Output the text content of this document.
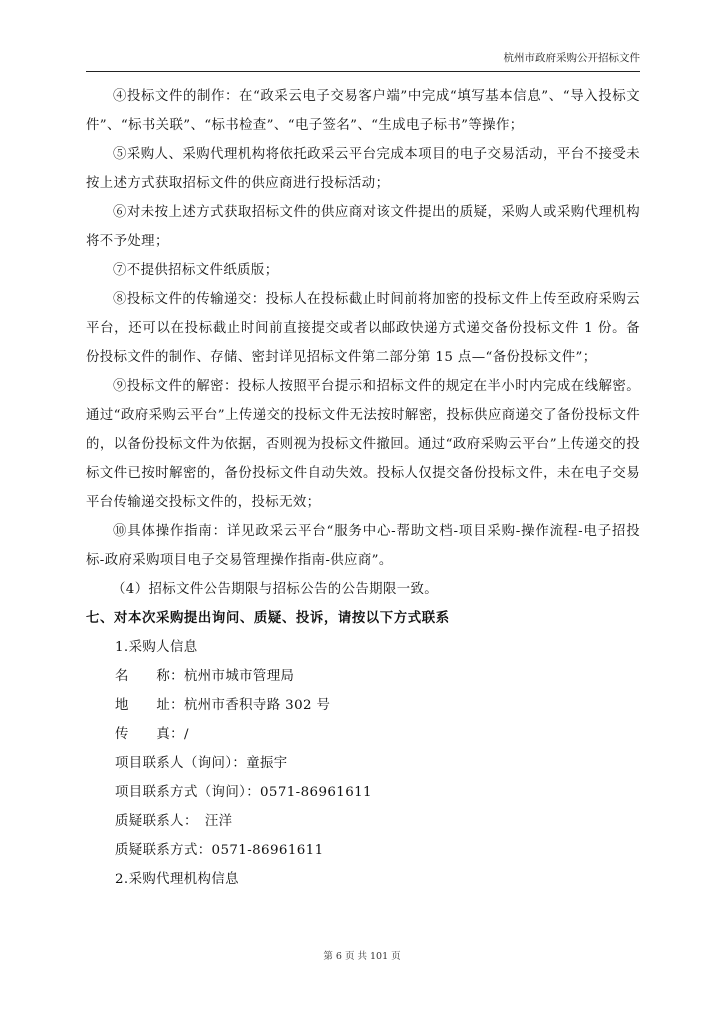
杭州市政府采购公开招标文件

④投标文件的制作：在“政采云电子交易客户端”中完成“填写基本信息”、“导入投标文件”、“标书关联”、“标书检查”、“电子签名”、“生成电子标书”等操作；

⑤采购人、采购代理机构将依托政采云平台完成本项目的电子交易活动，平台不接受未按上述方式获取招标文件的供应商进行投标活动；

⑥对未按上述方式获取招标文件的供应商对该文件提出的质疑，采购人或采购代理机构将不予处理；

⑦不提供招标文件纸质版；

⑧投标文件的传输递交：投标人在投标截止时间前将加密的投标文件上传至政府采购云平台，还可以在投标截止时间前直接提交或者以邮政快递方式递交备份投标文件 1 份。备份投标文件的制作、存储、密封详见招标文件第二部分第 15 点—“备份投标文件”；

⑨投标文件的解密：投标人按照平台提示和招标文件的规定在半小时内完成在线解密。通过“政府采购云平台”上传递交的投标文件无法按时解密，投标供应商递交了备份投标文件的，以备份投标文件为依据，否则视为投标文件撤回。通过“政府采购云平台”上传递交的投标文件已按时解密的，备份投标文件自动失效。投标人仅提交备份投标文件，未在电子交易平台传输递交投标文件的，投标无效；

⑩具体操作指南：详见政采云平台“服务中心-帮助文档-项目采购-操作流程-电子招投标-政府采购项目电子交易管理操作指南-供应商”。

（4）招标文件公告期限与招标公告的公告期限一致。

七、对本次采购提出询问、质疑、投诉，请按以下方式联系

1.采购人信息

名　　称：杭州市城市管理局

地　　址：杭州市香积寺路 302 号

传　　真：/

项目联系人（询问）：童振宇

项目联系方式（询问）：0571-86961611

质疑联系人：　汪洋

质疑联系方式：0571-86961611

2.采购代理机构信息

第 6 页 共 101 页
